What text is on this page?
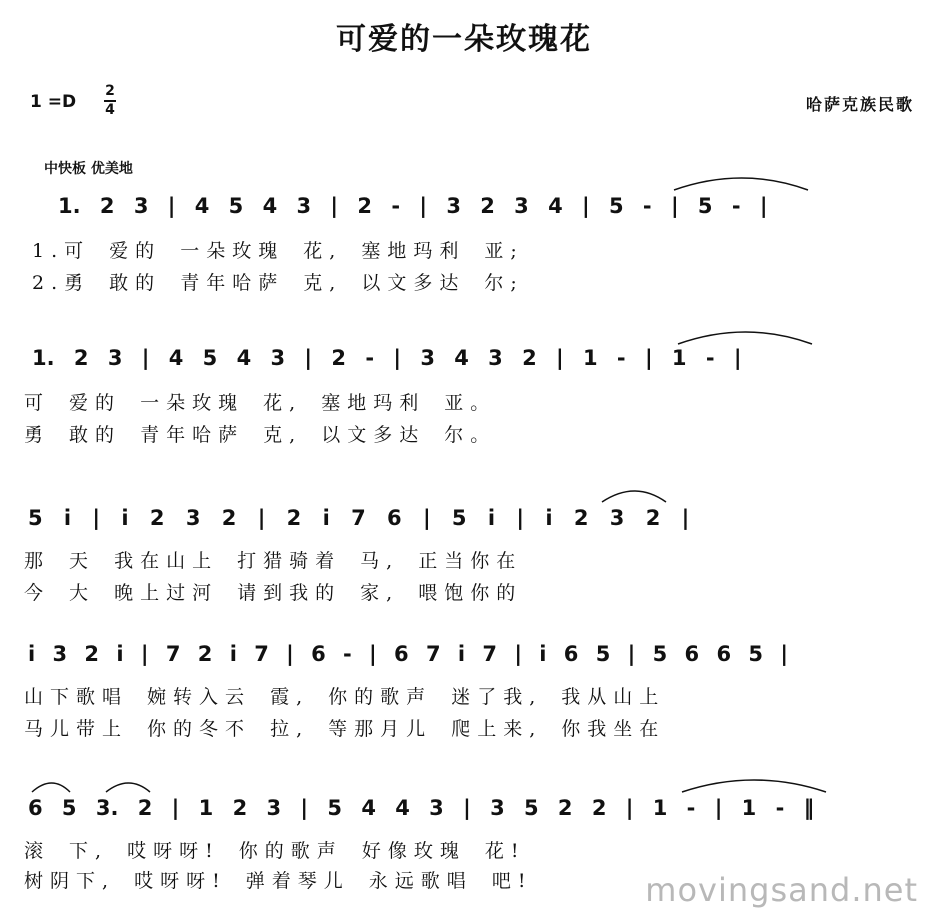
可爱的一朵玫瑰花
1 =D
2
4	哈萨克族民歌
中快板 优美地
1. 2 3 | 4 5 4 3 | 2 - | 3 2 3 4 | 5 - | 5 - |
1.可 爱的 一朵玫瑰 花, 塞地玛利 亚;
2.勇 敢的 青年哈萨 克, 以文多达 尔;
1. 2 3 | 4 5 4 3 | 2 - | 3 4 3 2 | 1 - | 1 - |
可 爱的 一朵玫瑰 花, 塞地玛利 亚。
勇 敢的 青年哈萨 克, 以文多达 尔。
5 i | i 2 3 2 | 2 i 7 6 | 5 i | i 2 3 2 |
那 天 我在山上 打猎骑着 马, 正当你在
今 大 晚上过河 请到我的 家, 喂饱你的
i 3 2 i | 7 2 i 7 | 6 - | 6 7 i 7 | i 6 5 | 5 6 6 5 |
山下歌唱 婉转入云 霞, 你的歌声 迷了我, 我从山上
马儿带上 你的冬不 拉, 等那月儿 爬上来, 你我坐在
6 5 3. 2 | 1 2 3 | 5 4 4 3 | 3 5 2 2 | 1 - | 1 - ‖
滚 下, 哎呀呀! 你的歌声 好像玫瑰 花!
树阴下, 哎呀呀! 弹着琴儿 永远歌唱 吧!	movingsand.net
